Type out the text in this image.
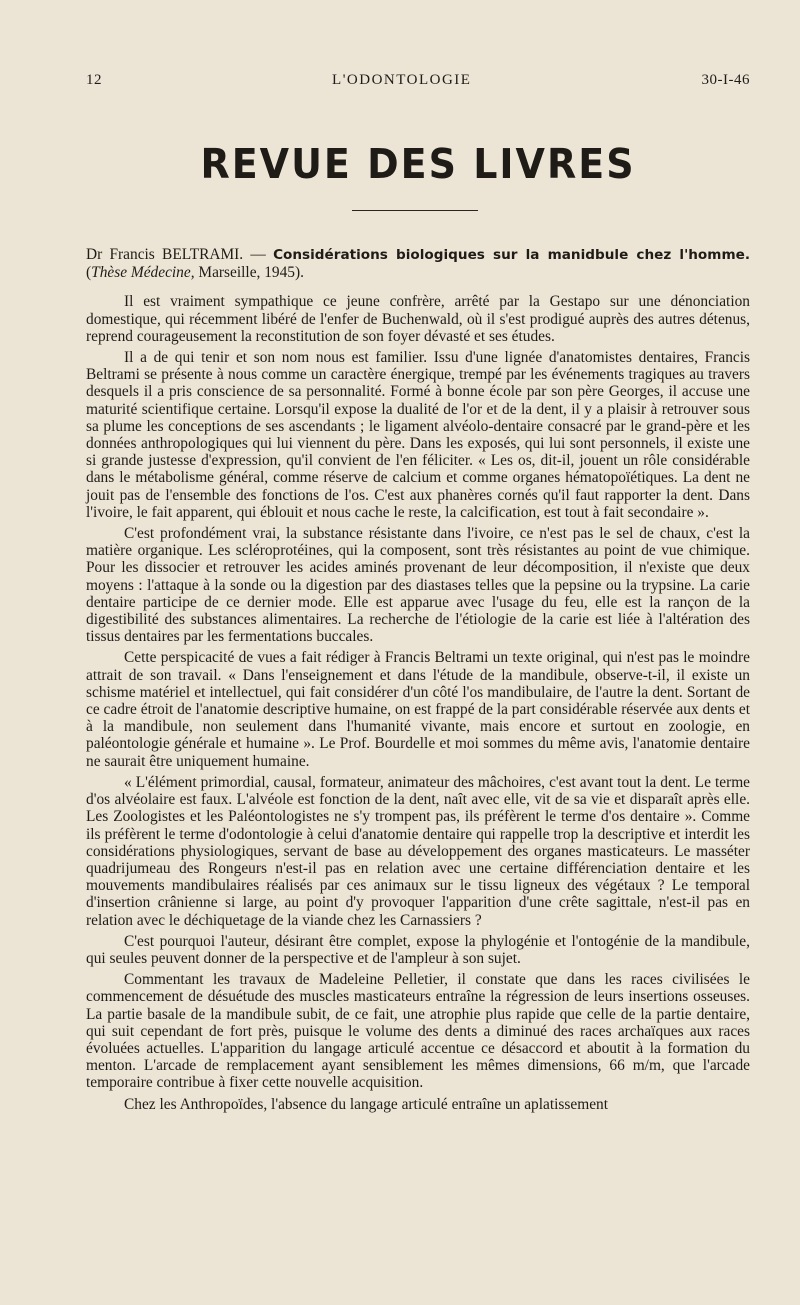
12	L'ODONTOLOGIE	30-I-46
REVUE DES LIVRES

Dr Francis BELTRAMI. — Considérations biologiques sur la manidbule chez l'homme. (Thèse Médecine, Marseille, 1945).

Il est vraiment sympathique ce jeune confrère, arrêté par la Gestapo sur une dénonciation domestique, qui récemment libéré de l'enfer de Buchenwald, où il s'est prodigué auprès des autres détenus, reprend courageusement la reconstitution de son foyer dévasté et ses études.

Il a de qui tenir et son nom nous est familier. Issu d'une lignée d'anatomistes dentaires, Francis Beltrami se présente à nous comme un caractère énergique, trempé par les événements tragiques au travers desquels il a pris conscience de sa personnalité. Formé à bonne école par son père Georges, il accuse une maturité scientifique certaine. Lorsqu'il expose la dualité de l'or et de la dent, il y a plaisir à retrouver sous sa plume les conceptions de ses ascendants ; le ligament alvéolo-dentaire consacré par le grand-père et les données anthropologiques qui lui viennent du père. Dans les exposés, qui lui sont personnels, il existe une si grande justesse d'expression, qu'il convient de l'en féliciter. « Les os, dit-il, jouent un rôle considérable dans le métabolisme général, comme réserve de calcium et comme organes hématopoïétiques. La dent ne jouit pas de l'ensemble des fonctions de l'os. C'est aux phanères cornés qu'il faut rapporter la dent. Dans l'ivoire, le fait apparent, qui éblouit et nous cache le reste, la calcification, est tout à fait secondaire ».

C'est profondément vrai, la substance résistante dans l'ivoire, ce n'est pas le sel de chaux, c'est la matière organique. Les scléroprotéines, qui la composent, sont très résistantes au point de vue chimique. Pour les dissocier et retrouver les acides aminés provenant de leur décomposition, il n'existe que deux moyens : l'attaque à la sonde ou la digestion par des diastases telles que la pepsine ou la trypsine. La carie dentaire participe de ce dernier mode. Elle est apparue avec l'usage du feu, elle est la rançon de la digestibilité des substances alimentaires. La recherche de l'étiologie de la carie est liée à l'altération des tissus dentaires par les fermentations buccales.

Cette perspicacité de vues a fait rédiger à Francis Beltrami un texte original, qui n'est pas le moindre attrait de son travail. « Dans l'enseignement et dans l'étude de la mandibule, observe-t-il, il existe un schisme matériel et intellectuel, qui fait considérer d'un côté l'os mandibulaire, de l'autre la dent. Sortant de ce cadre étroit de l'anatomie descriptive humaine, on est frappé de la part considérable réservée aux dents et à la mandibule, non seulement dans l'humanité vivante, mais encore et surtout en zoologie, en paléontologie générale et humaine ». Le Prof. Bourdelle et moi sommes du même avis, l'anatomie dentaire ne saurait être uniquement humaine.

« L'élément primordial, causal, formateur, animateur des mâchoires, c'est avant tout la dent. Le terme d'os alvéolaire est faux. L'alvéole est fonction de la dent, naît avec elle, vit de sa vie et disparaît après elle. Les Zoologistes et les Paléontologistes ne s'y trompent pas, ils préfèrent le terme d'os dentaire ». Comme ils préfèrent le terme d'odontologie à celui d'anatomie dentaire qui rappelle trop la descriptive et interdit les considérations physiologiques, servant de base au développement des organes masticateurs. Le masséter quadrijumeau des Rongeurs n'est-il pas en relation avec une certaine différenciation dentaire et les mouvements mandibulaires réalisés par ces animaux sur le tissu ligneux des végétaux ? Le temporal d'insertion crânienne si large, au point d'y provoquer l'apparition d'une crête sagittale, n'est-il pas en relation avec le déchiquetage de la viande chez les Carnassiers ?

C'est pourquoi l'auteur, désirant être complet, expose la phylogénie et l'ontogénie de la mandibule, qui seules peuvent donner de la perspective et de l'ampleur à son sujet.

Commentant les travaux de Madeleine Pelletier, il constate que dans les races civilisées le commencement de désuétude des muscles masticateurs entraîne la régression de leurs insertions osseuses. La partie basale de la mandibule subit, de ce fait, une atrophie plus rapide que celle de la partie dentaire, qui suit cependant de fort près, puisque le volume des dents a diminué des races archaïques aux races évoluées actuelles. L'apparition du langage articulé accentue ce désaccord et aboutit à la formation du menton. L'arcade de remplacement ayant sensiblement les mêmes dimensions, 66 m/m, que l'arcade temporaire contribue à fixer cette nouvelle acquisition.

Chez les Anthropoïdes, l'absence du langage articulé entraîne un aplatissement
